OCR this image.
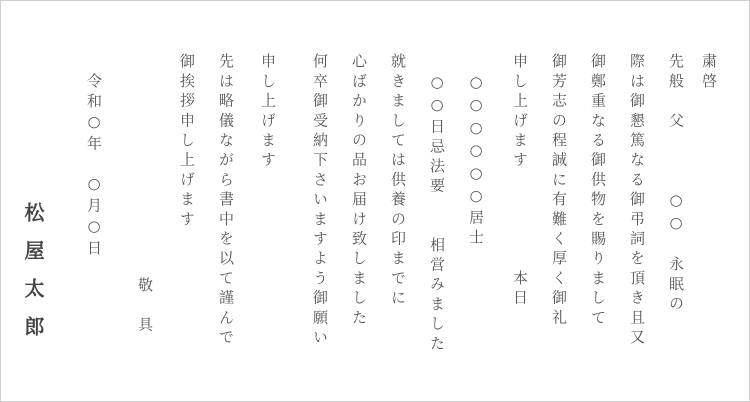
粛啓
先般　父　　　○○　永眠の
際は御懇篤なる御弔詞を頂き且又
御鄭重なる御供物を賜りまして
御芳志の程誠に有難く厚く御礼
申し上げます　　　　　本日
○○○○○○居士
○○日忌法要　　相営みました
就きましては供養の印までに
心ばかりの品お届け致しました
何卒御受納下さいますよう御願い
申し上げます
先は略儀ながら書中を以て謹んで
御挨拶申し上げます
敬　具
令和○年　○月○日
松屋太郎
